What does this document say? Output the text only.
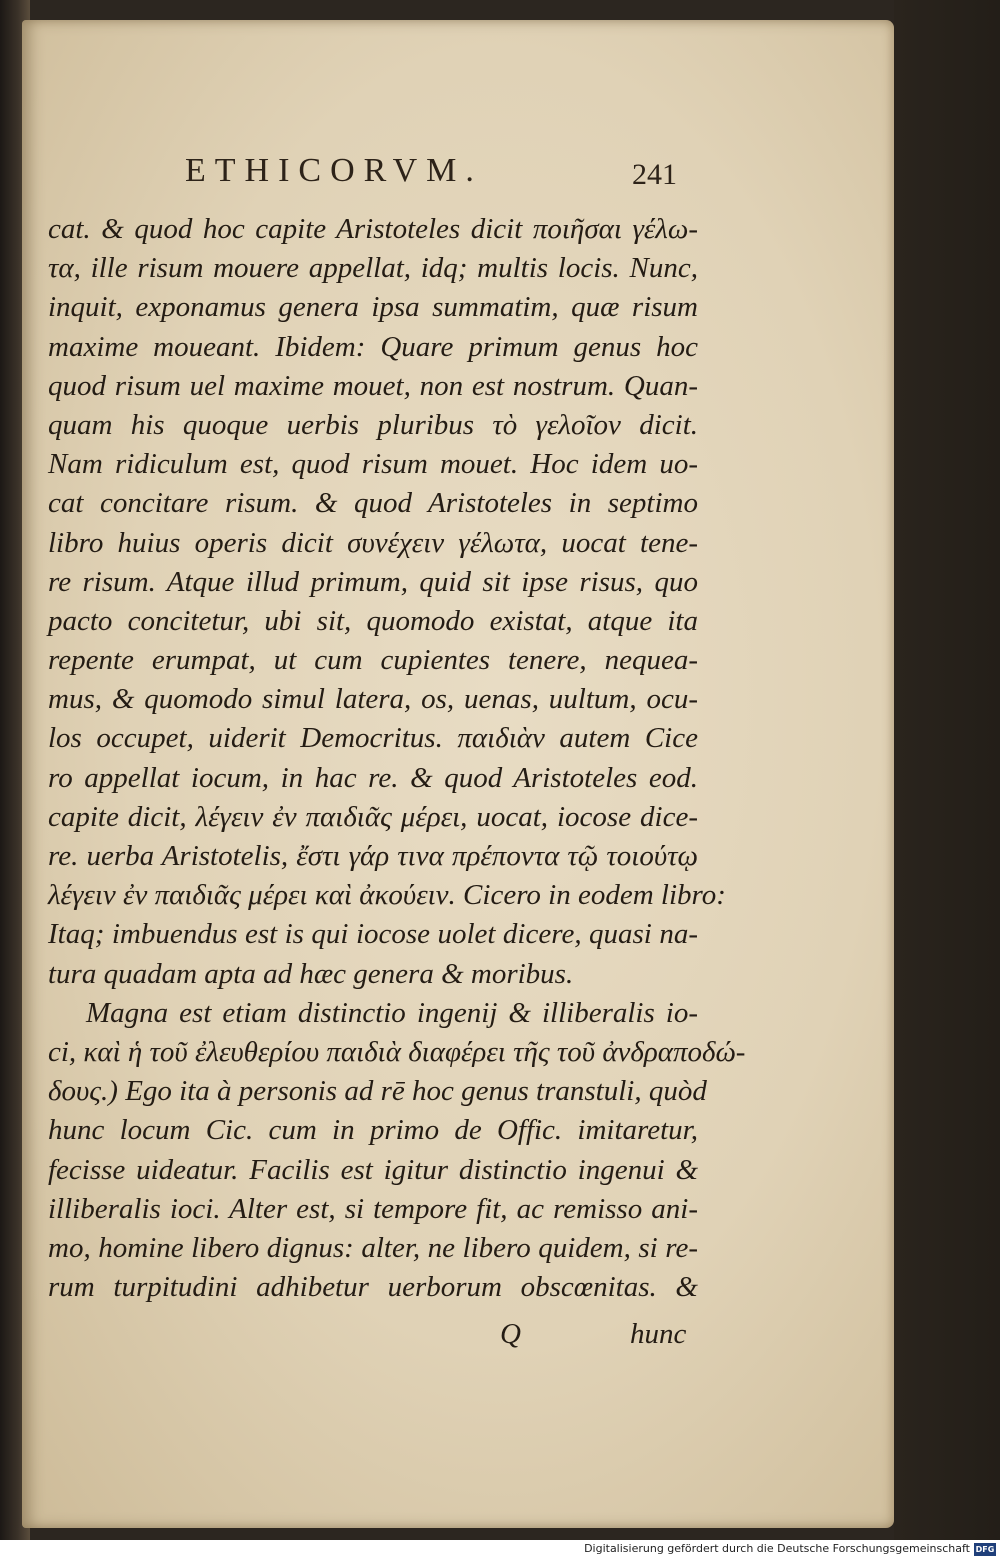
ETHICORVM.	241
cat. & quod hoc capite Aristoteles dicit ποιῆσαι γέλω-
τα, ille risum mouere appellat, idq; multis locis. Nunc,
inquit, exponamus genera ipsa summatim, quæ risum
maxime moueant. Ibidem: Quare primum genus hoc
quod risum uel maxime mouet, non est nostrum. Quan-
quam his quoque uerbis pluribus τὸ γελοῖον dicit.
Nam ridiculum est, quod risum mouet. Hoc idem uo-
cat concitare risum. & quod Aristoteles in septimo
libro huius operis dicit συνέχειν γέλωτα, uocat tene-
re risum. Atque illud primum, quid sit ipse risus, quo
pacto concitetur, ubi sit, quomodo existat, atque ita
repente erumpat, ut cum cupientes tenere, nequea-
mus, & quomodo simul latera, os, uenas, uultum, ocu-
los occupet, uiderit Democritus. παιδιὰν autem Cice
ro appellat iocum, in hac re. & quod Aristoteles eod.
capite dicit, λέγειν ἐν παιδιᾶς μέρει, uocat, iocose dice-
re. uerba Aristotelis, ἔστι γάρ τινα πρέποντα τῷ τοιούτῳ
λέγειν ἐν παιδιᾶς μέρει καὶ ἀκούειν. Cicero in eodem libro:
Itaq; imbuendus est is qui iocose uolet dicere, quasi na-
tura quadam apta ad hæc genera & moribus.
Magna est etiam distinctio ingenij & illiberalis io-
ci, καὶ ἡ τοῦ ἐλευθερίου παιδιὰ διαφέρει τῆς τοῦ ἀνδραποδώ-
δους.) Ego ita à personis ad rē hoc genus transtuli, quòd
hunc locum Cic. cum in primo de Offic. imitaretur,
fecisse uideatur. Facilis est igitur distinctio ingenui &
illiberalis ioci. Alter est, si tempore fit, ac remisso ani-
mo, homine libero dignus: alter, ne libero quidem, si re-
rum turpitudini adhibetur uerborum obscœnitas. &
Q	hunc
Digitalisierung gefördert durch die Deutsche Forschungsgemeinschaft DFG
